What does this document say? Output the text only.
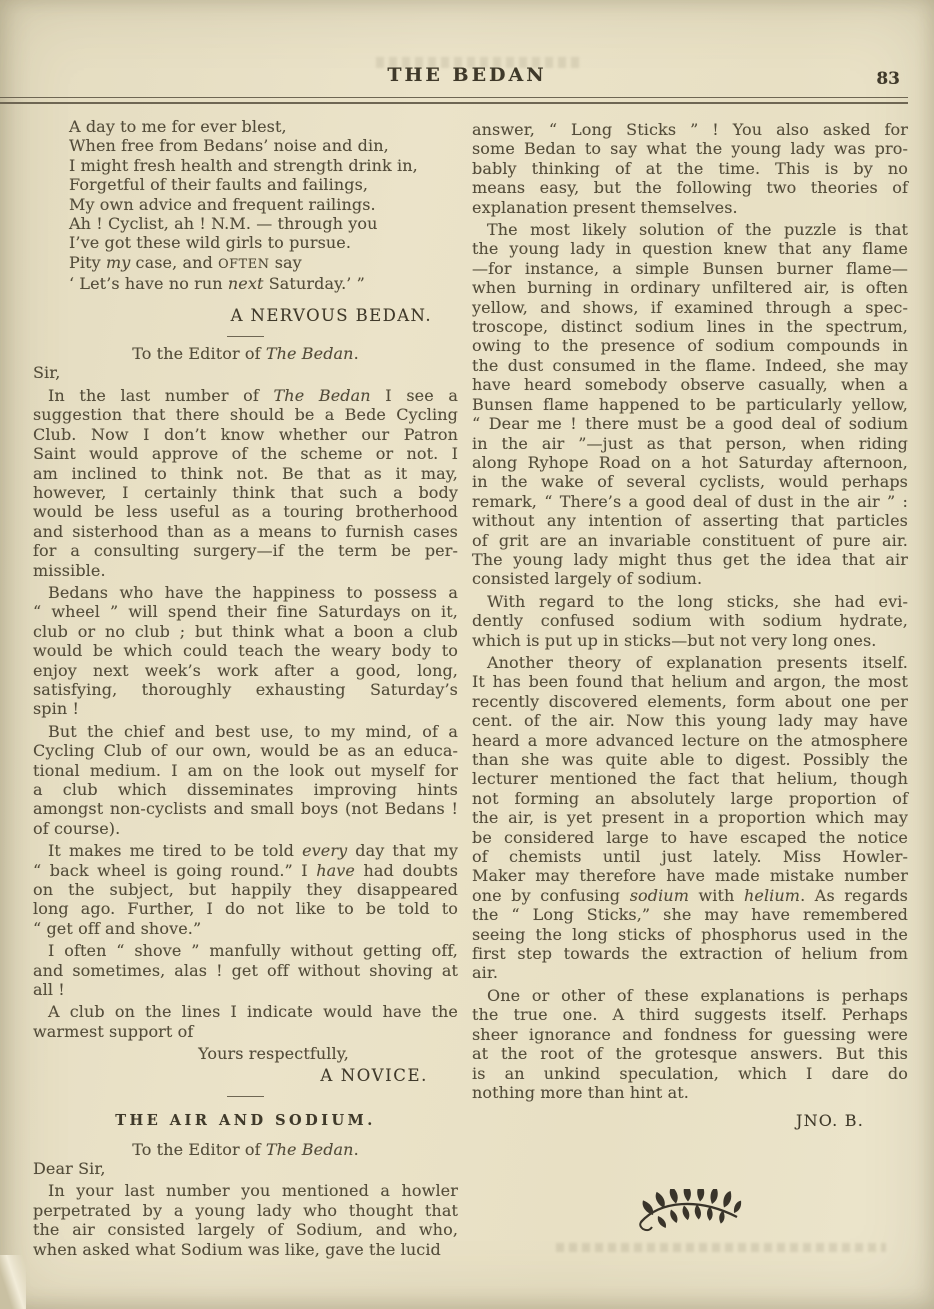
THE BEDAN	83
A day to me for ever blest,
When free from Bedans’ noise and din,
I might fresh health and strength drink in,
Forgetful of their faults and failings,
My own advice and frequent railings.
Ah ! Cyclist, ah ! N.M. — through you
I’ve got these wild girls to pursue.
Pity my case, and OFTEN say
‘ Let’s have no run next Saturday.’ ”
A NERVOUS BEDAN.
To the Editor of The Bedan.
Sir,
In the last number of The Bedan I see a
suggestion that there should be a Bede Cycling
Club. Now I don’t know whether our Patron
Saint would approve of the scheme or not. I
am inclined to think not. Be that as it may,
however, I certainly think that such a body
would be less useful as a touring brotherhood
and sisterhood than as a means to furnish cases
for a consulting surgery—if the term be per-
missible.
Bedans who have the happiness to possess a
“ wheel ” will spend their fine Saturdays on it,
club or no club ; but think what a boon a club
would be which could teach the weary body to
enjoy next week’s work after a good, long,
satisfying, thoroughly exhausting Saturday’s
spin !
But the chief and best use, to my mind, of a
Cycling Club of our own, would be as an educa-
tional medium. I am on the look out myself for
a club which disseminates improving hints
amongst non-cyclists and small boys (not Bedans !
of course).
It makes me tired to be told every day that my
“ back wheel is going round.” I have had doubts
on the subject, but happily they disappeared
long ago. Further, I do not like to be told to
“ get off and shove.”
I often “ shove ” manfully without getting off,
and sometimes, alas ! get off without shoving at
all !
A club on the lines I indicate would have the
warmest support of
Yours respectfully,
A NOVICE.
THE AIR AND SODIUM.
To the Editor of The Bedan.
Dear Sir,
In your last number you mentioned a howler
perpetrated by a young lady who thought that
the air consisted largely of Sodium, and who,
when asked what Sodium was like, gave the lucid
answer, “ Long Sticks ” ! You also asked for
some Bedan to say what the young lady was pro-
bably thinking of at the time. This is by no
means easy, but the following two theories of
explanation present themselves.
The most likely solution of the puzzle is that
the young lady in question knew that any flame
—for instance, a simple Bunsen burner flame—
when burning in ordinary unfiltered air, is often
yellow, and shows, if examined through a spec-
troscope, distinct sodium lines in the spectrum,
owing to the presence of sodium compounds in
the dust consumed in the flame. Indeed, she may
have heard somebody observe casually, when a
Bunsen flame happened to be particularly yellow,
“ Dear me ! there must be a good deal of sodium
in the air ”—just as that person, when riding
along Ryhope Road on a hot Saturday afternoon,
in the wake of several cyclists, would perhaps
remark, “ There’s a good deal of dust in the air ” :
without any intention of asserting that particles
of grit are an invariable constituent of pure air.
The young lady might thus get the idea that air
consisted largely of sodium.
With regard to the long sticks, she had evi-
dently confused sodium with sodium hydrate,
which is put up in sticks—but not very long ones.
Another theory of explanation presents itself.
It has been found that helium and argon, the most
recently discovered elements, form about one per
cent. of the air. Now this young lady may have
heard a more advanced lecture on the atmosphere
than she was quite able to digest. Possibly the
lecturer mentioned the fact that helium, though
not forming an absolutely large proportion of
the air, is yet present in a proportion which may
be considered large to have escaped the notice
of chemists until just lately. Miss Howler-
Maker may therefore have made mistake number
one by confusing sodium with helium. As regards
the “ Long Sticks,” she may have remembered
seeing the long sticks of phosphorus used in the
first step towards the extraction of helium from
air.
One or other of these explanations is perhaps
the true one. A third suggests itself. Perhaps
sheer ignorance and fondness for guessing were
at the root of the grotesque answers. But this
is an unkind speculation, which I dare do
nothing more than hint at.
JNO. B.
